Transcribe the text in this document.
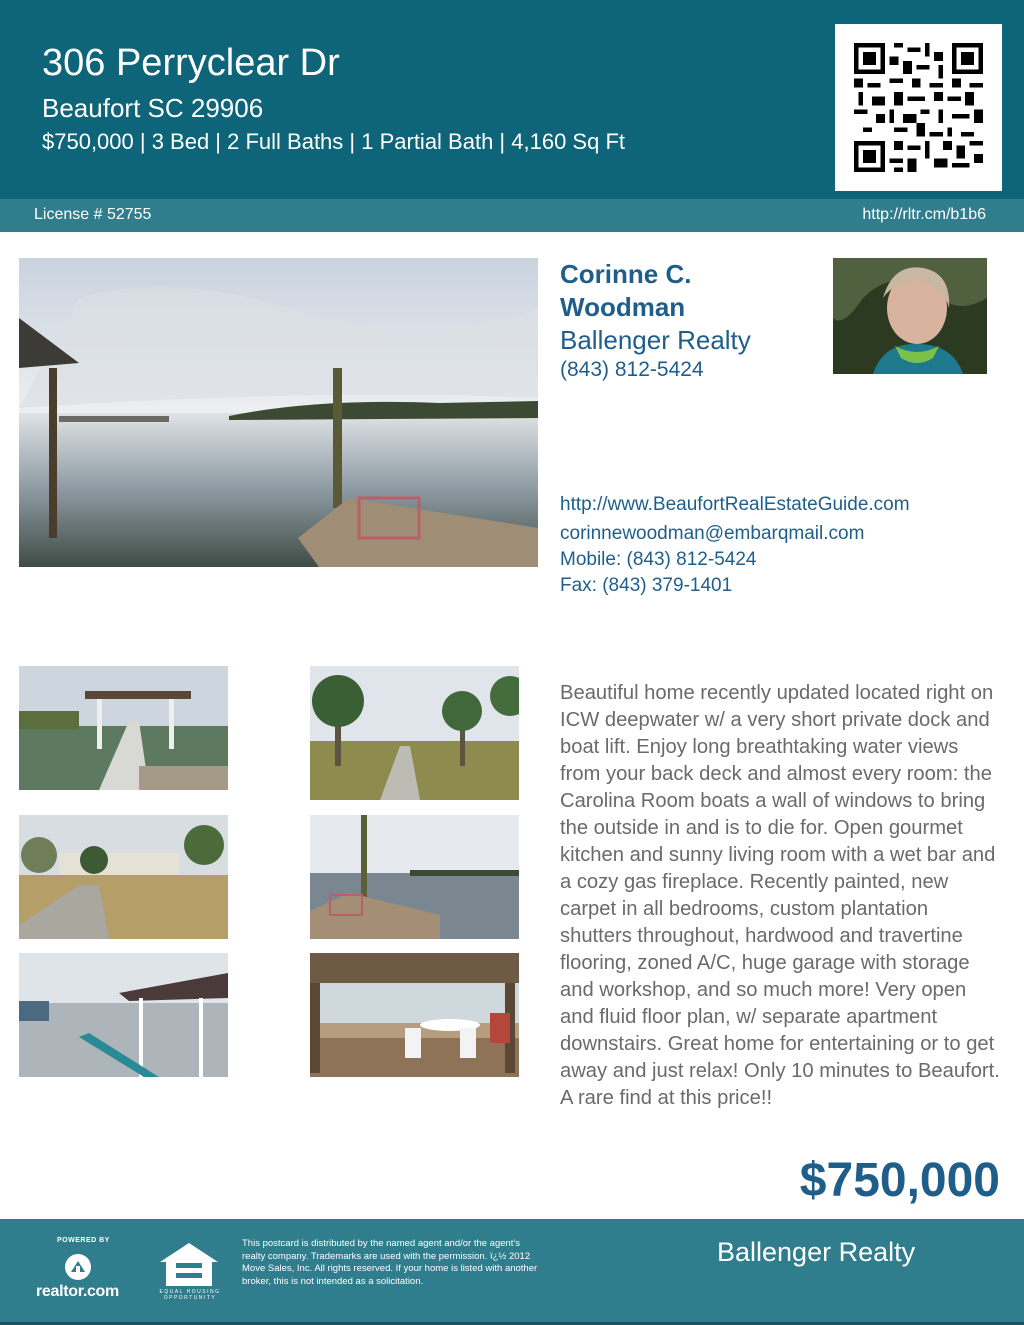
306 Perryclear Dr
Beaufort SC 29906
$750,000 | 3 Bed | 2 Full Baths | 1 Partial Bath | 4,160 Sq Ft
License # 52755	http://rltr.cm/b1b6
Corinne C.
Woodman
Ballenger Realty
(843) 812-5424
http://www.BeaufortRealEstateGuide.com
corinnewoodman@embarqmail.com
Mobile: (843) 812-5424
Fax: (843) 379-1401
Beautiful home recently updated located right on ICW deepwater w/ a very short private dock and boat lift. Enjoy long breathtaking water views from your back deck and almost every room: the Carolina Room boats a wall of windows to bring the outside in and is to die for. Open gourmet kitchen and sunny living room with a wet bar and a cozy gas fireplace. Recently painted, new carpet in all bedrooms, custom plantation shutters throughout, hardwood and travertine flooring, zoned A/C, huge garage with storage and workshop, and so much more! Very open and fluid floor plan, w/ separate apartment downstairs. Great home for entertaining or to get away and just relax! Only 10 minutes to Beaufort. A rare find at this price!!
$750,000
POWERED BY
realtor.com	EQUAL HOUSING OPPORTUNITY
This postcard is distributed by the named agent and/or the agent's realty company. Trademarks are used with the permission. ï¿½ 2012 Move Sales, Inc. All rights reserved. If your home is listed with another broker, this is not intended as a solicitation.
Ballenger Realty
